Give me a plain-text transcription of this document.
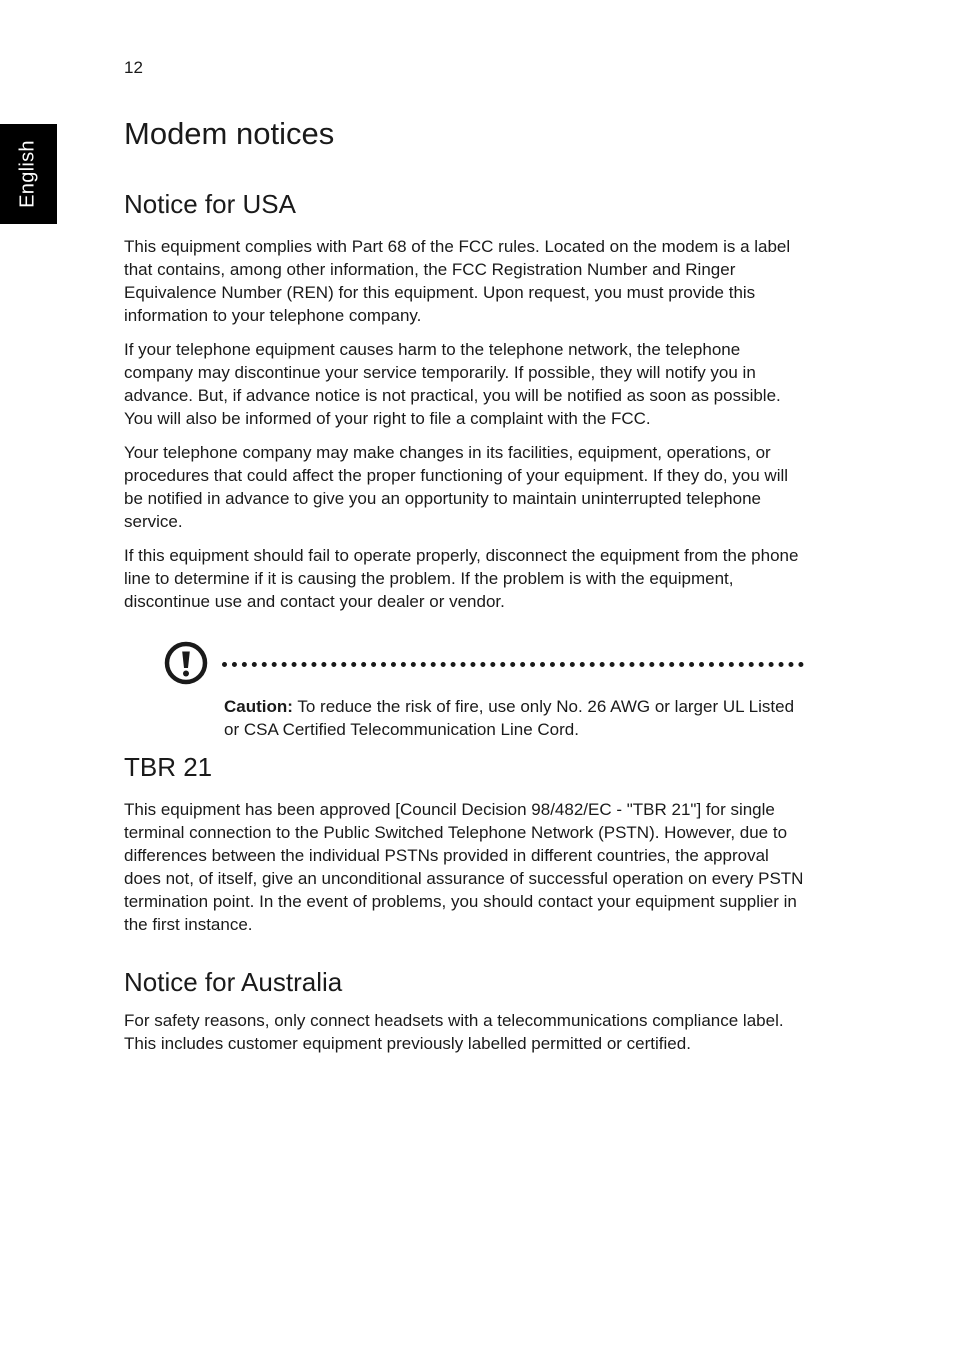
12
English
Modem notices
Notice for USA

This equipment complies with Part 68 of the FCC rules. Located on the modem is a label that contains, among other information, the FCC Registration Number and Ringer Equivalence Number (REN) for this equipment. Upon request, you must provide this information to your telephone company.

If your telephone equipment causes harm to the telephone network, the telephone company may discontinue your service temporarily. If possible, they will notify you in advance. But, if advance notice is not practical, you will be notified as soon as possible. You will also be informed of your right to file a complaint with the FCC.

Your telephone company may make changes in its facilities, equipment, operations, or procedures that could affect the proper functioning of your equipment. If they do, you will be notified in advance to give you an opportunity to maintain uninterrupted telephone service.

If this equipment should fail to operate properly, disconnect the equipment from the phone line to determine if it is causing the problem. If the problem is with the equipment, discontinue use and contact your dealer or vendor.

Caution: To reduce the risk of fire, use only No. 26 AWG or larger UL Listed or CSA Certified Telecommunication Line Cord.

TBR 21

This equipment has been approved [Council Decision 98/482/EC - "TBR 21"] for single terminal connection to the Public Switched Telephone Network (PSTN). However, due to differences between the individual PSTNs provided in different countries, the approval does not, of itself, give an unconditional assurance of successful operation on every PSTN termination point. In the event of problems, you should contact your equipment supplier in the first instance.

Notice for Australia

For safety reasons, only connect headsets with a telecommunications compliance label. This includes customer equipment previously labelled permitted or certified.
